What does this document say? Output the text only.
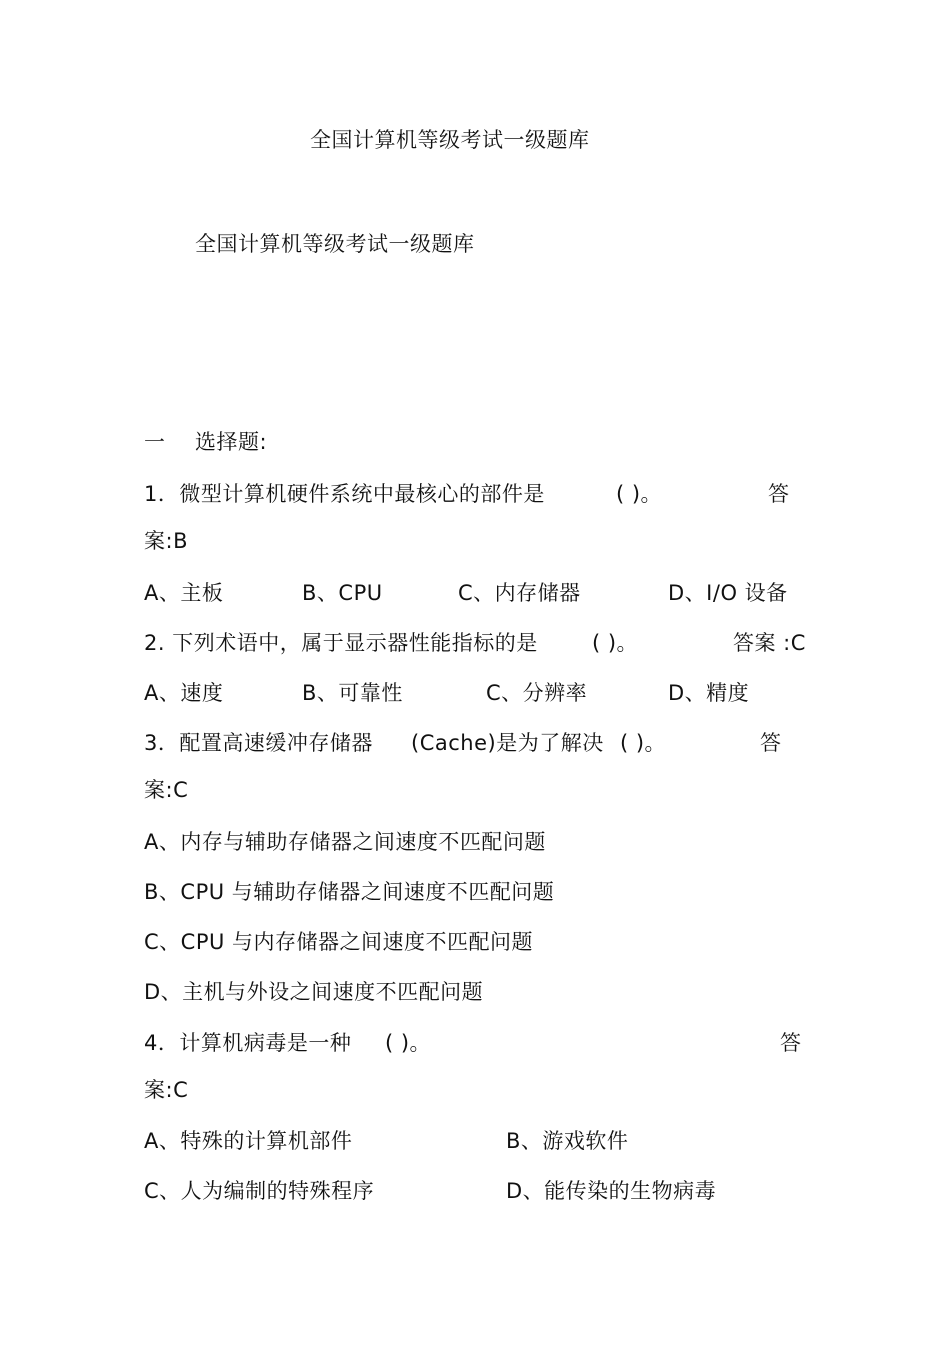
全国计算机等级考试一级题库
全国计算机等级考试一级题库
一 选择题:
1．微型计算机硬件系统中最核心的部件是	( )。	答
案:B
A、主板	B、CPU	C、内存储器	D、I/O 设备
2. 下列术语中，属于显示器性能指标的是	( )。	答案 :C
A、速度	B、可靠性	C、分辨率	D、精度
3．配置高速缓冲存储器 (Cache)是为了解决 ( )。	答
案:C
A、内存与辅助存储器之间速度不匹配问题
B、CPU 与辅助存储器之间速度不匹配问题
C、CPU 与内存储器之间速度不匹配问题
D、主机与外设之间速度不匹配问题
4．计算机病毒是一种 ( )。	答
案:C
A、特殊的计算机部件	B、游戏软件
C、人为编制的特殊程序	D、能传染的生物病毒
